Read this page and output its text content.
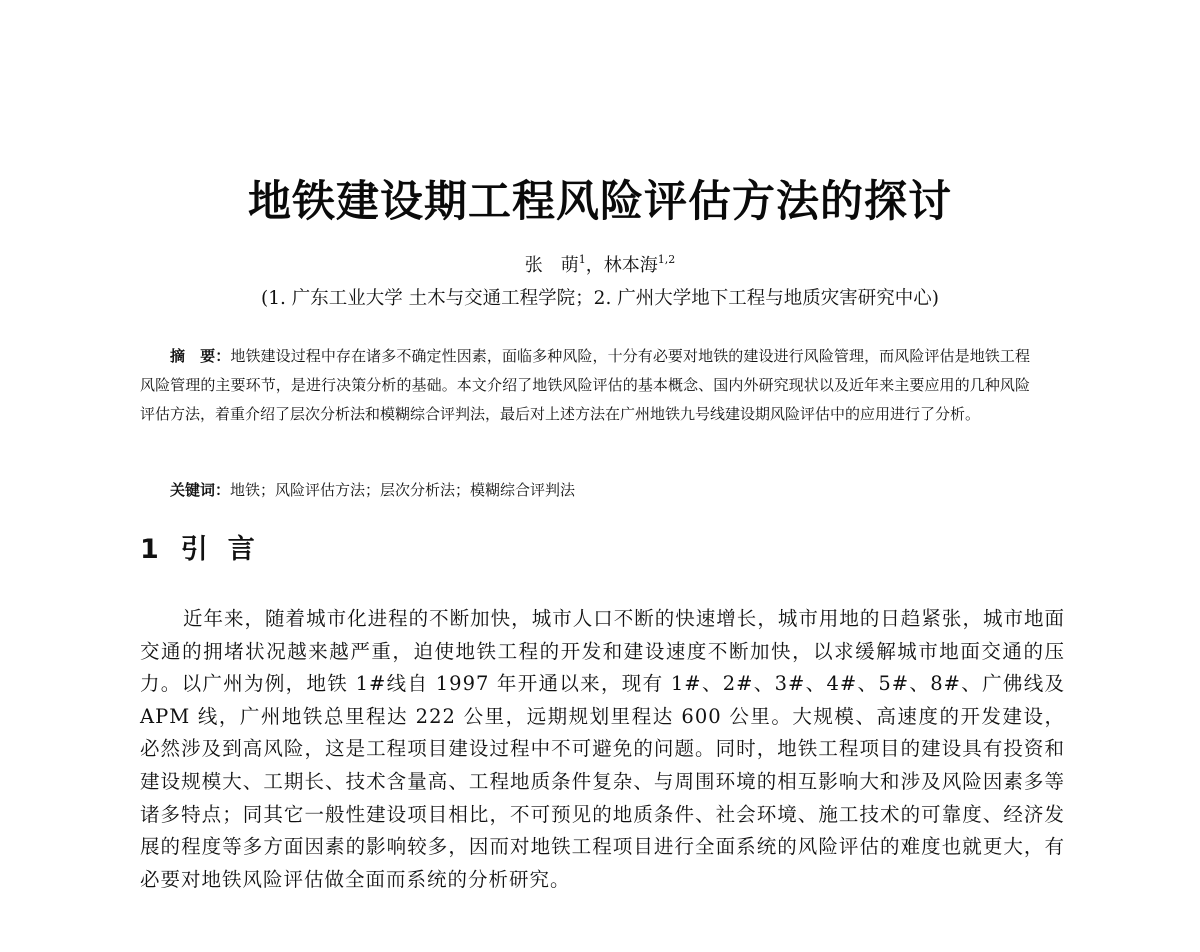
地铁建设期工程风险评估方法的探讨
张　萌$^1$，林本海$^{1,2}$
(1. 广东工业大学 土木与交通工程学院；2. 广州大学地下工程与地质灾害研究中心)
摘　要：地铁建设过程中存在诸多不确定性因素，面临多种风险，十分有必要对地铁的建设进行风险管理，而风险评估是地铁工程风险管理的主要环节，是进行决策分析的基础。本文介绍了地铁风险评估的基本概念、国内外研究现状以及近年来主要应用的几种风险评估方法，着重介绍了层次分析法和模糊综合评判法，最后对上述方法在广州地铁九号线建设期风险评估中的应用进行了分析。
关键词：地铁；风险评估方法；层次分析法；模糊综合评判法
1 引言
近年来，随着城市化进程的不断加快，城市人口不断的快速增长，城市用地的日趋紧张，城市地面交通的拥堵状况越来越严重，迫使地铁工程的开发和建设速度不断加快，以求缓解城市地面交通的压力。以广州为例，地铁 1#线自 1997 年开通以来，现有 1#、2#、3#、4#、5#、8#、广佛线及 APM 线，广州地铁总里程达 222 公里，远期规划里程达 600 公里。大规模、高速度的开发建设，必然涉及到高风险，这是工程项目建设过程中不可避免的问题。同时，地铁工程项目的建设具有投资和建设规模大、工期长、技术含量高、工程地质条件复杂、与周围环境的相互影响大和涉及风险因素多等诸多特点；同其它一般性建设项目相比，不可预见的地质条件、社会环境、施工技术的可靠度、经济发展的程度等多方面因素的影响较多，因而对地铁工程项目进行全面系统的风险评估的难度也就更大，有必要对地铁风险评估做全面而系统的分析研究。
